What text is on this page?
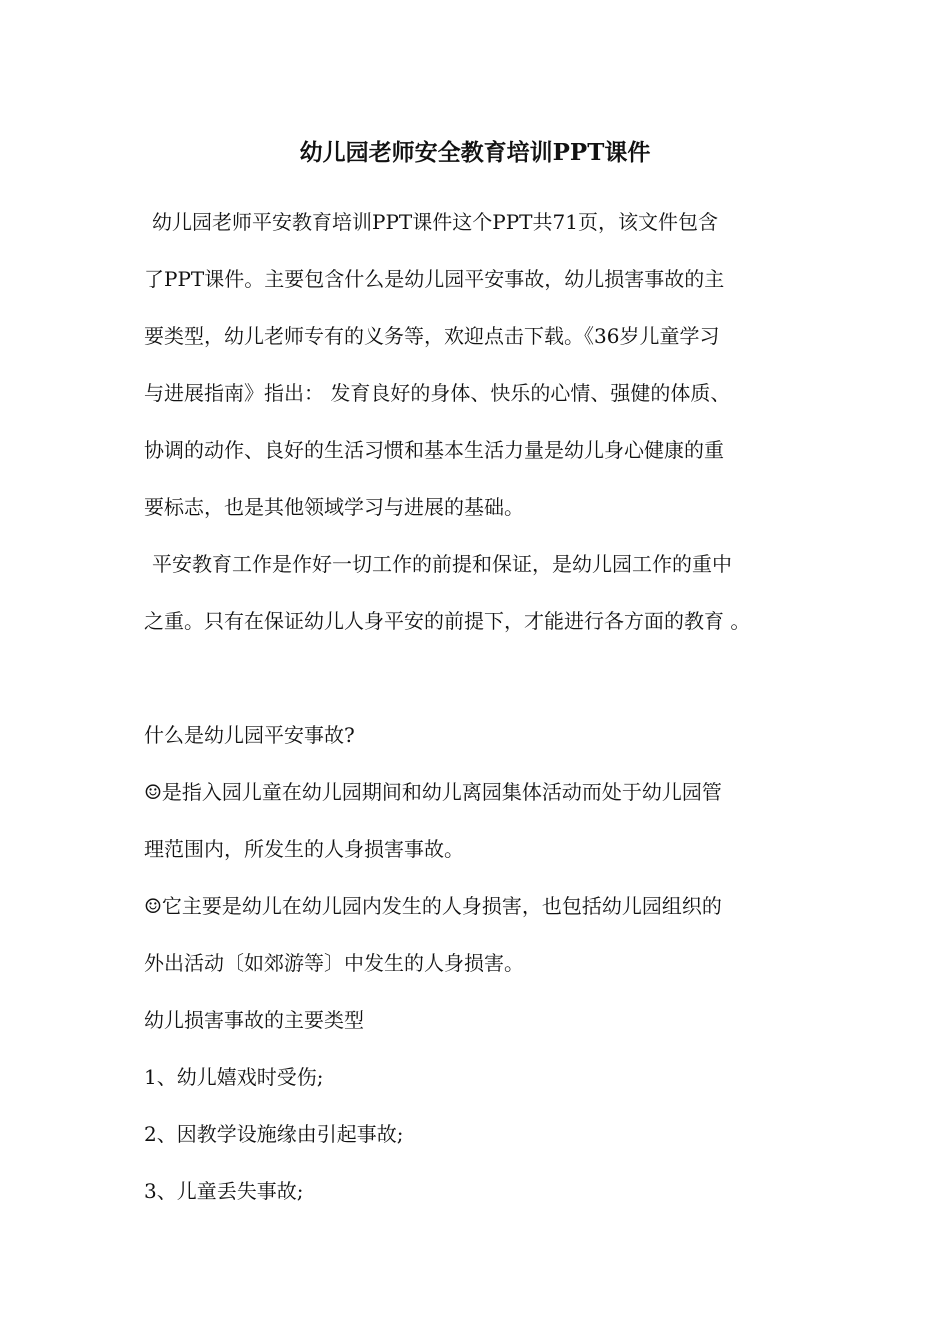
幼儿园老师安全教育培训PPT课件

幼儿园老师平安教育培训PPT课件这个PPT共71页，该文件包含

了PPT课件。主要包含什么是幼儿园平安事故，幼儿损害事故的主

要类型，幼儿老师专有的义务等，欢迎点击下载。《36岁儿童学习

与进展指南》指出： 发育良好的身体、快乐的心情、强健的体质、

协调的动作、良好的生活习惯和基本生活力量是幼儿身心健康的重

要标志，也是其他领域学习与进展的基础。

平安教育工作是作好一切工作的前提和保证，是幼儿园工作的重中

之重。只有在保证幼儿人身平安的前提下，才能进行各方面的教育 。

什么是幼儿园平安事故?

☺是指入园儿童在幼儿园期间和幼儿离园集体活动而处于幼儿园管

理范围内，所发生的人身损害事故。

☺它主要是幼儿在幼儿园内发生的人身损害，也包括幼儿园组织的

外出活动〔如郊游等〕中发生的人身损害。

幼儿损害事故的主要类型

1、幼儿嬉戏时受伤;

2、因教学设施缘由引起事故;

3、儿童丢失事故;
